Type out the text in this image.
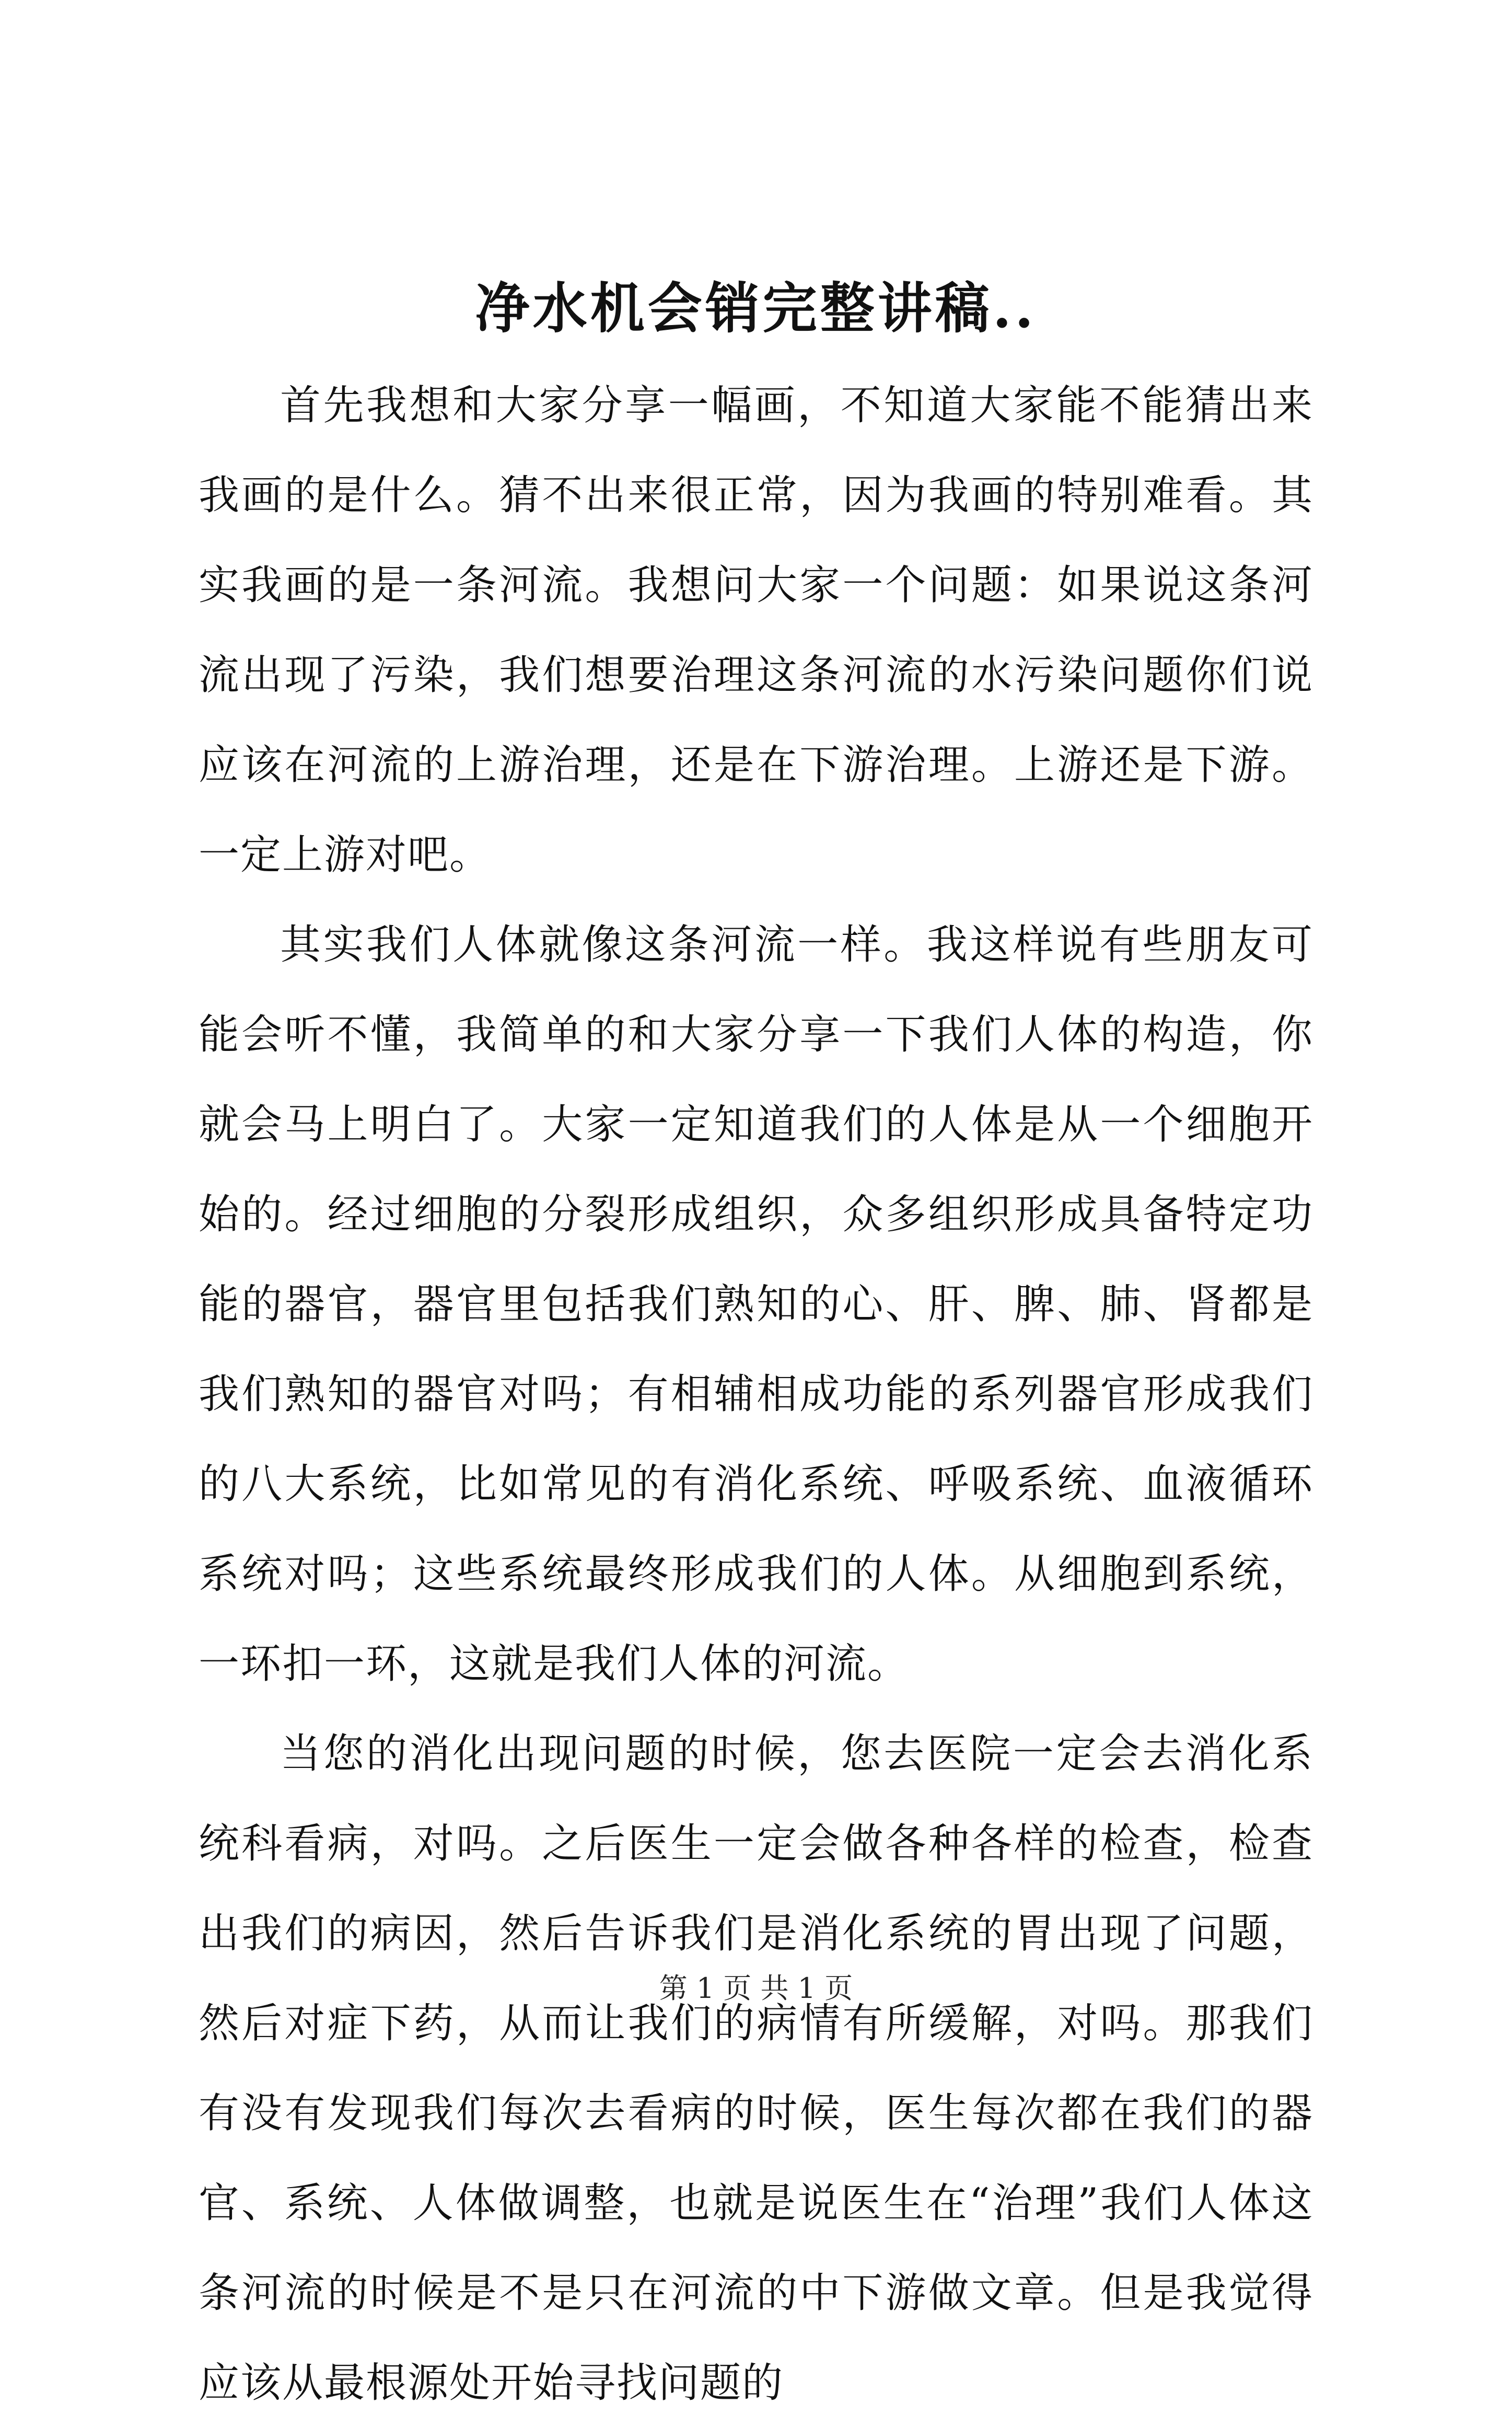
净水机会销完整讲稿..

首先我想和大家分享一幅画，不知道大家能不能猜出来我画的是什么。猜不出来很正常，因为我画的特别难看。其实我画的是一条河流。我想问大家一个问题：如果说这条河流出现了污染，我们想要治理这条河流的水污染问题你们说应该在河流的上游治理，还是在下游治理。上游还是下游。一定上游对吧。

其实我们人体就像这条河流一样。我这样说有些朋友可能会听不懂，我简单的和大家分享一下我们人体的构造，你就会马上明白了。大家一定知道我们的人体是从一个细胞开始的。经过细胞的分裂形成组织，众多组织形成具备特定功能的器官，器官里包括我们熟知的心、肝、脾、肺、肾都是我们熟知的器官对吗；有相辅相成功能的系列器官形成我们的八大系统，比如常见的有消化系统、呼吸系统、血液循环系统对吗；这些系统最终形成我们的人体。从细胞到系统，一环扣一环，这就是我们人体的河流。

当您的消化出现问题的时候，您去医院一定会去消化系统科看病，对吗。之后医生一定会做各种各样的检查，检查出我们的病因，然后告诉我们是消化系统的胃出现了问题，然后对症下药，从而让我们的病情有所缓解，对吗。那我们有没有发现我们每次去看病的时候，医生每次都在我们的器官、系统、人体做调整，也就是说医生在“治理”我们人体这条河流的时候是不是只在河流的中下游做文章。但是我觉得应该从最根源处开始寻找问题的

第 1 页 共 1 页
